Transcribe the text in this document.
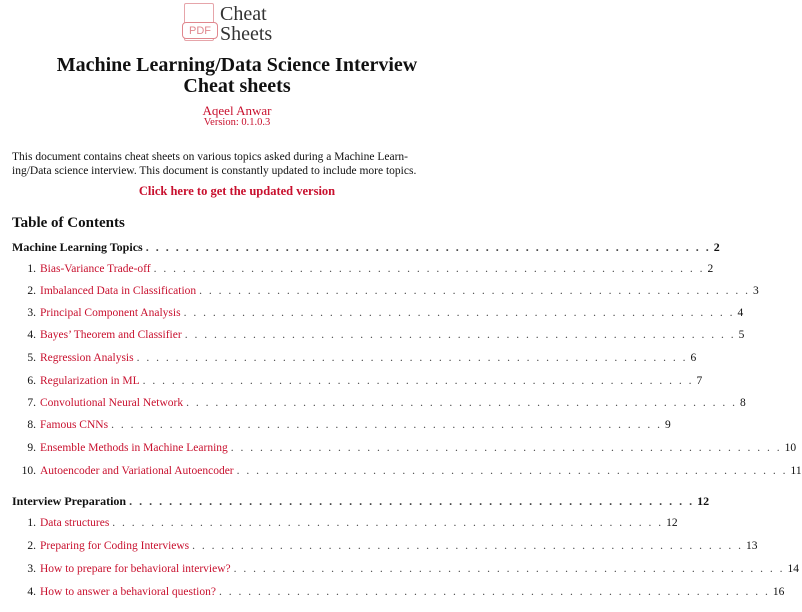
PDF
Cheat
Sheets
Machine Learning/Data Science Interview
Cheat sheets
Aqeel Anwar
Version: 0.1.0.3
This document contains cheat sheets on various topics asked during a Machine Learn-
ing/Data science interview. This document is constantly updated to include more topics.
Click here to get the updated version
Table of Contents
Machine Learning Topics . . . . . . . . . . . . . . . . . . . . . . . . . . . . . . . . . . . . . . . . . . . . . . . . . . . . . . . . . 2
1. Bias-Variance Trade-off . . . . . . . . . . . . . . . . . . . . . . . . . . . . . . . . . . . . . . . . . . . . . . . . . . . . . . . . . 2
2. Imbalanced Data in Classification . . . . . . . . . . . . . . . . . . . . . . . . . . . . . . . . . . . . . . . . . . . . . . . . . . . . . . . . . 3
3. Principal Component Analysis . . . . . . . . . . . . . . . . . . . . . . . . . . . . . . . . . . . . . . . . . . . . . . . . . . . . . . . . . 4
4. Bayes’ Theorem and Classifier . . . . . . . . . . . . . . . . . . . . . . . . . . . . . . . . . . . . . . . . . . . . . . . . . . . . . . . . . 5
5. Regression Analysis . . . . . . . . . . . . . . . . . . . . . . . . . . . . . . . . . . . . . . . . . . . . . . . . . . . . . . . . . 6
6. Regularization in ML . . . . . . . . . . . . . . . . . . . . . . . . . . . . . . . . . . . . . . . . . . . . . . . . . . . . . . . . . 7
7. Convolutional Neural Network . . . . . . . . . . . . . . . . . . . . . . . . . . . . . . . . . . . . . . . . . . . . . . . . . . . . . . . . . 8
8. Famous CNNs . . . . . . . . . . . . . . . . . . . . . . . . . . . . . . . . . . . . . . . . . . . . . . . . . . . . . . . . . 9
9. Ensemble Methods in Machine Learning . . . . . . . . . . . . . . . . . . . . . . . . . . . . . . . . . . . . . . . . . . . . . . . . . . . . . . . . . 10
10. Autoencoder and Variational Autoencoder . . . . . . . . . . . . . . . . . . . . . . . . . . . . . . . . . . . . . . . . . . . . . . . . . . . . . . . . . 11
Interview Preparation . . . . . . . . . . . . . . . . . . . . . . . . . . . . . . . . . . . . . . . . . . . . . . . . . . . . . . . . . 12
1. Data structures . . . . . . . . . . . . . . . . . . . . . . . . . . . . . . . . . . . . . . . . . . . . . . . . . . . . . . . . . 12
2. Preparing for Coding Interviews . . . . . . . . . . . . . . . . . . . . . . . . . . . . . . . . . . . . . . . . . . . . . . . . . . . . . . . . . 13
3. How to prepare for behavioral interview? . . . . . . . . . . . . . . . . . . . . . . . . . . . . . . . . . . . . . . . . . . . . . . . . . . . . . . . . . 14
4. How to answer a behavioral question? . . . . . . . . . . . . . . . . . . . . . . . . . . . . . . . . . . . . . . . . . . . . . . . . . . . . . . . . . 16
